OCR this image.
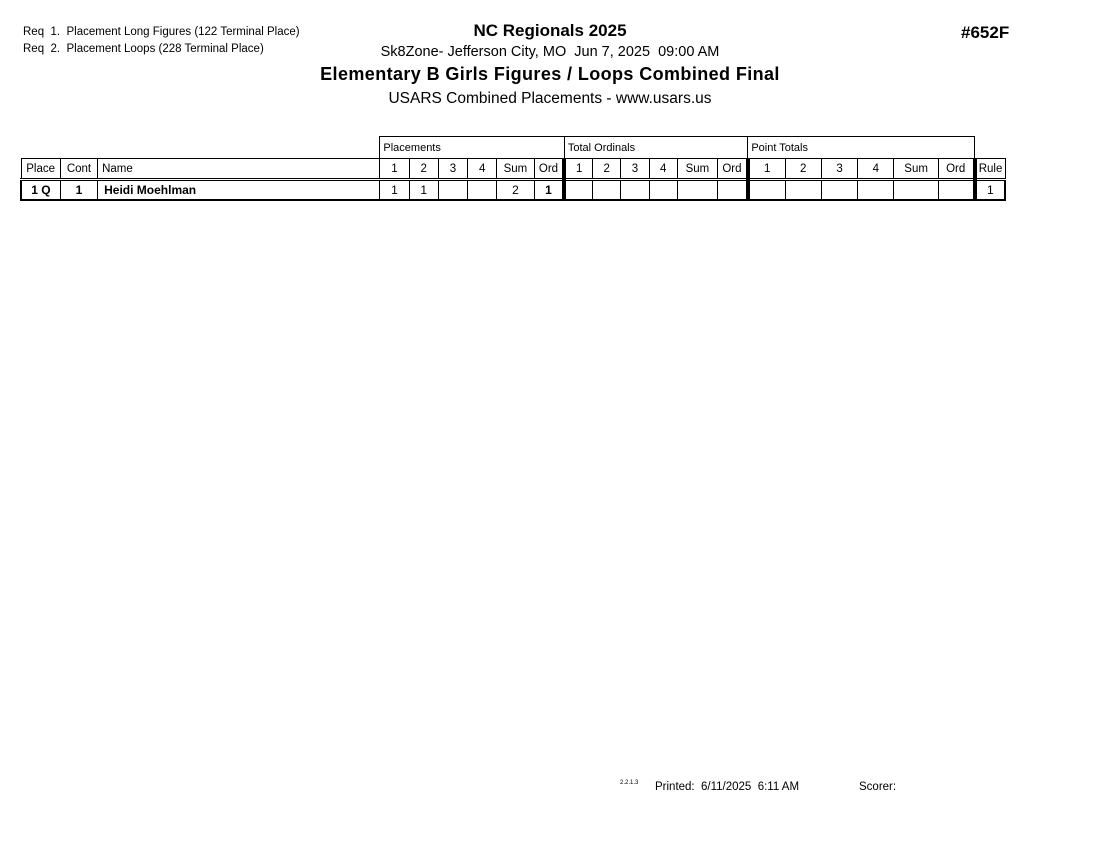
Req  1.  Placement Long Figures (122 Terminal Place)
Req  2.  Placement Loops (228 Terminal Place)
#652F
NC Regionals 2025
Sk8Zone- Jefferson City, MO  Jun 7, 2025  09:00 AM
Elementary B Girls Figures / Loops Combined Final
USARS Combined Placements - www.usars.us
			Placements						Total Ordinals						Point Totals						
Place	Cont	Name	1	2	3	4	Sum	Ord	1	2	3	4	Sum	Ord	1	2	3	4	Sum	Ord	Rule
1 Q	1	Heidi Moehlman	1	1			2	1													1
2.2.1.3 Printed:  6/11/2025  6:11 AM	Scorer:
